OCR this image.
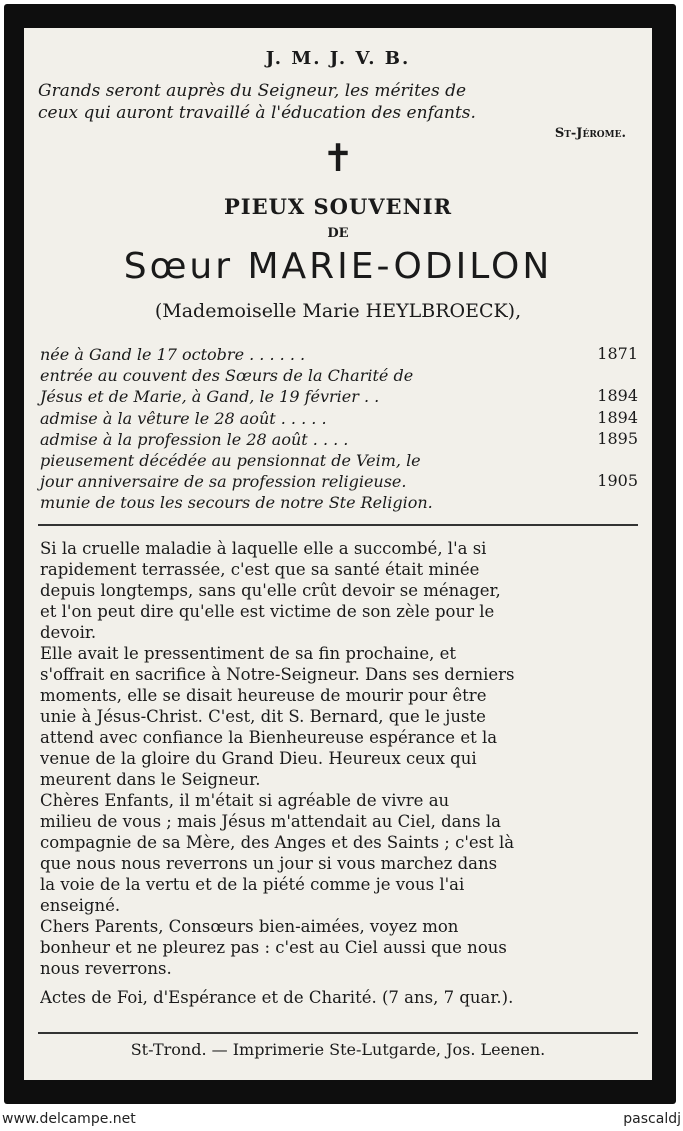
J. M. J. V. B.
Grands seront auprès du Seigneur, les mérites de
ceux qui auront travaillé à l'éducation des enfants.
St-Jérome.
✝
PIEUX SOUVENIR
DE
Sœur MARIE-ODILON
(Mademoiselle Marie HEYLBROECK),
née à Gand le 17 octobre . . . . . .	1871
entrée au couvent des Sœurs de la Charité de
Jésus et de Marie, à Gand, le 19 février . .	1894
admise à la vêture le 28 août . . . . .	1894
admise à la profession le 28 août . . . .	1895
pieusement décédée au pensionnat de Veim, le
jour anniversaire de sa profession religieuse.	1905
munie de tous les secours de notre Ste Religion.
Si la cruelle maladie à laquelle elle a succombé, l'a si
rapidement terrassée, c'est que sa santé était minée
depuis longtemps, sans qu'elle crût devoir se ménager,
et l'on peut dire qu'elle est victime de son zèle pour le
devoir.
Elle avait le pressentiment de sa fin prochaine, et
s'offrait en sacrifice à Notre-Seigneur. Dans ses derniers
moments, elle se disait heureuse de mourir pour être
unie à Jésus-Christ. C'est, dit S. Bernard, que le juste
attend avec confiance la Bienheureuse espérance et la
venue de la gloire du Grand Dieu. Heureux ceux qui
meurent dans le Seigneur.
Chères Enfants, il m'était si agréable de vivre au
milieu de vous ; mais Jésus m'attendait au Ciel, dans la
compagnie de sa Mère, des Anges et des Saints ; c'est là
que nous nous reverrons un jour si vous marchez dans
la voie de la vertu et de la piété comme je vous l'ai
enseigné.
Chers Parents, Consœurs bien-aimées, voyez mon
bonheur et ne pleurez pas : c'est au Ciel aussi que nous
nous reverrons.
Actes de Foi, d'Espérance et de Charité. (7 ans, 7 quar.).
St-Trond. — Imprimerie Ste-Lutgarde, Jos. Leenen.
www.delcampe.net	pascaldj
